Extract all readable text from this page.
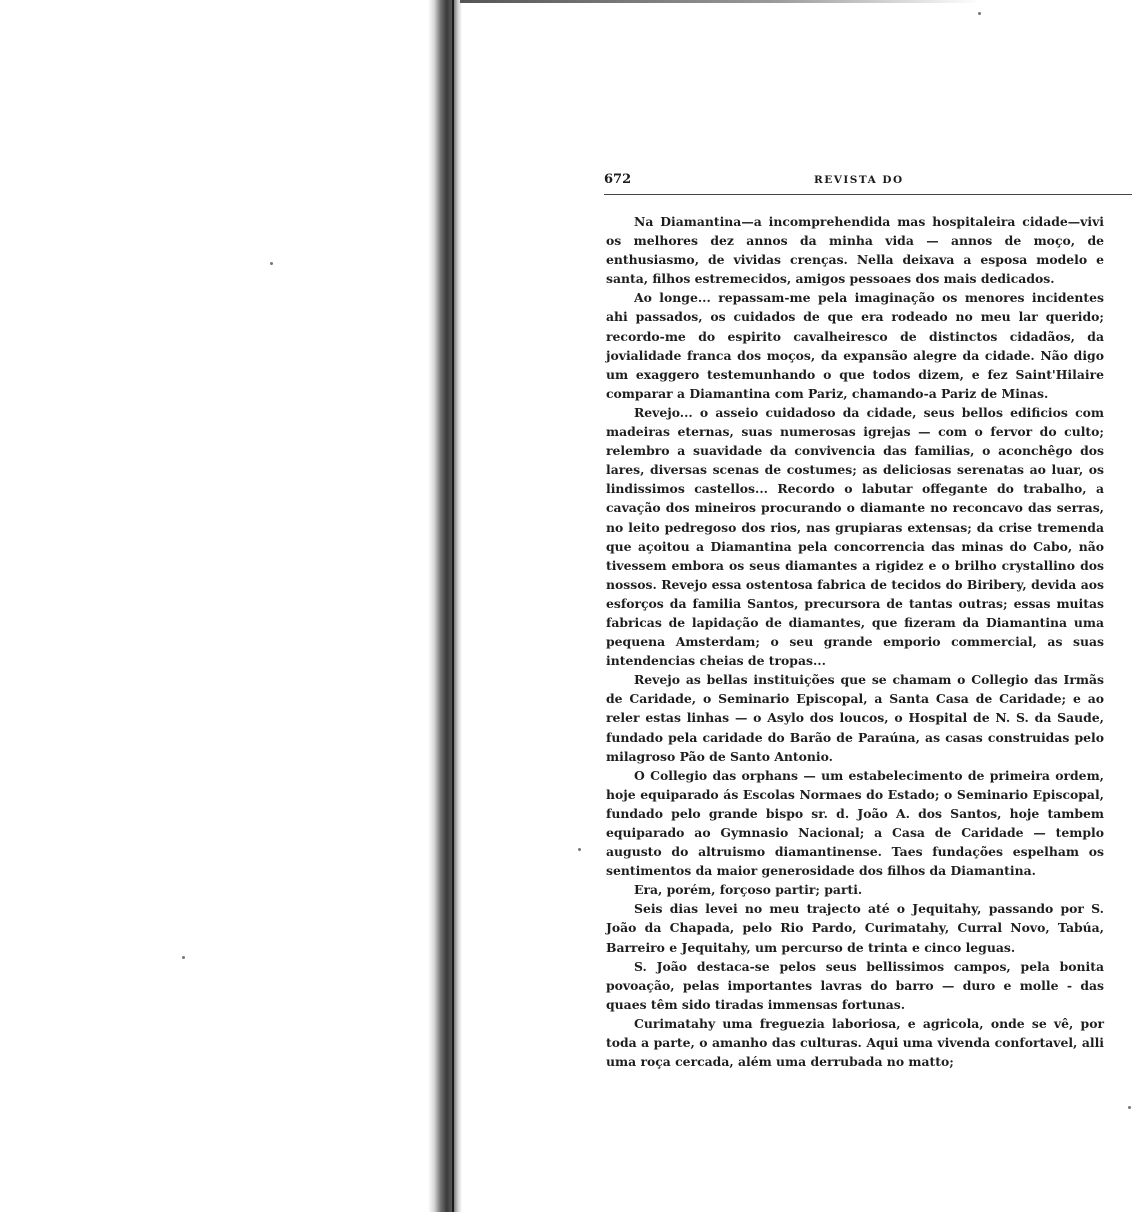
672	REVISTA DO

Na Diamantina—a incomprehendida mas hospitaleira cidade—vivi os melhores dez annos da minha vida — annos de moço, de enthusiasmo, de vividas crenças. Nella deixava a esposa modelo e santa, filhos estremecidos, amigos pessoaes dos mais dedicados.

Ao longe... repassam-me pela imaginação os menores incidentes ahi passados, os cuidados de que era rodeado no meu lar querido; recordo-me do espirito cavalheiresco de distinctos cidadãos, da jovialidade franca dos moços, da expansão alegre da cidade. Não digo um exaggero testemunhando o que todos dizem, e fez Saint'Hilaire comparar a Diamantina com Pariz, chamando-a Pariz de Minas.

Revejo... o asseio cuidadoso da cidade, seus bellos edificios com madeiras eternas, suas numerosas igrejas — com o fervor do culto; relembro a suavidade da convivencia das familias, o aconchêgo dos lares, diversas scenas de costumes; as deliciosas serenatas ao luar, os lindissimos castellos... Recordo o labutar offegante do trabalho, a cavação dos mineiros procurando o diamante no reconcavo das serras, no leito pedregoso dos rios, nas grupiaras extensas; da crise tremenda que açoitou a Diamantina pela concorrencia das minas do Cabo, não tivessem embora os seus diamantes a rigidez e o brilho crystallino dos nossos. Revejo essa ostentosa fabrica de tecidos do Biribery, devida aos esforços da familia Santos, precursora de tantas outras; essas muitas fabricas de lapidação de diamantes, que fizeram da Diamantina uma pequena Amsterdam; o seu grande emporio commercial, as suas intendencias cheias de tropas...

Revejo as bellas instituições que se chamam o Collegio das Irmãs de Caridade, o Seminario Episcopal, a Santa Casa de Caridade; e ao reler estas linhas — o Asylo dos loucos, o Hospital de N. S. da Saude, fundado pela caridade do Barão de Paraúna, as casas construidas pelo milagroso Pão de Santo Antonio.

O Collegio das orphans — um estabelecimento de primeira ordem, hoje equiparado ás Escolas Normaes do Estado; o Seminario Episcopal, fundado pelo grande bispo sr. d. João A. dos Santos, hoje tambem equiparado ao Gymnasio Nacional; a Casa de Caridade — templo augusto do altruismo diamantinense. Taes fundações espelham os sentimentos da maior generosidade dos filhos da Diamantina.

Era, porém, forçoso partir; parti.

Seis dias levei no meu trajecto até o Jequitahy, passando por S. João da Chapada, pelo Rio Pardo, Curimatahy, Curral Novo, Tabúa, Barreiro e Jequitahy, um percurso de trinta e cinco leguas.

S. João destaca-se pelos seus bellissimos campos, pela bonita povoação, pelas importantes lavras do barro — duro e molle - das quaes têm sido tiradas immensas fortunas.

Curimatahy uma freguezia laboriosa, e agricola, onde se vê, por toda a parte, o amanho das culturas. Aqui uma vivenda confortavel, alli uma roça cercada, além uma derrubada no matto;
